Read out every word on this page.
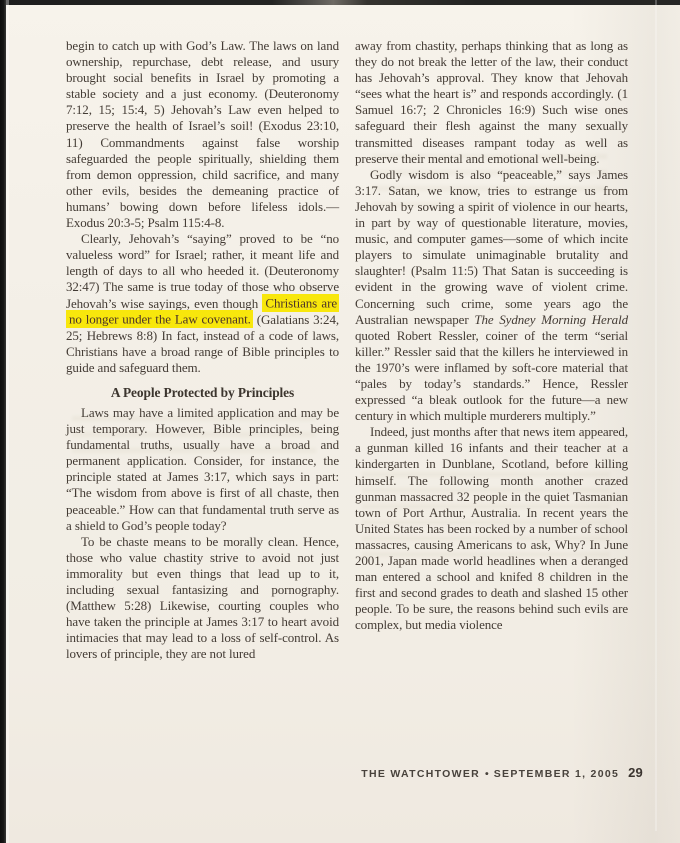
begin to catch up with God’s Law. The laws on land ownership, repurchase, debt release, and usury brought social benefits in Israel by promoting a stable society and a just economy. (Deuteronomy 7:12, 15; 15:4, 5) Jehovah’s Law even helped to preserve the health of Israel’s soil! (Exodus 23:10, 11) Commandments against false worship safeguarded the people spiritually, shielding them from demon oppression, child sacrifice, and many other evils, besides the demeaning practice of humans’ bowing down before lifeless idols.—Exodus 20:3-5; Psalm 115:4-8.

Clearly, Jehovah’s “saying” proved to be “no valueless word” for Israel; rather, it meant life and length of days to all who heeded it. (Deuteronomy 32:47) The same is true today of those who observe Jehovah’s wise sayings, even though Christians are no longer under the Law covenant. (Galatians 3:24, 25; Hebrews 8:8) In fact, instead of a code of laws, Christians have a broad range of Bible principles to guide and safeguard them.

A People Protected by Principles

Laws may have a limited application and may be just temporary. However, Bible principles, being fundamental truths, usually have a broad and permanent application. Consider, for instance, the principle stated at James 3:17, which says in part: “The wisdom from above is first of all chaste, then peaceable.” How can that fundamental truth serve as a shield to God’s people today?

To be chaste means to be morally clean. Hence, those who value chastity strive to avoid not just immorality but even things that lead up to it, including sexual fantasizing and pornography. (Matthew 5:28) Likewise, courting couples who have taken the principle at James 3:17 to heart avoid intimacies that may lead to a loss of self-control. As lovers of principle, they are not lured

away from chastity, perhaps thinking that as long as they do not break the letter of the law, their conduct has Jehovah’s approval. They know that Jehovah “sees what the heart is” and responds accordingly. (1 Samuel 16:7; 2 Chronicles 16:9) Such wise ones safeguard their flesh against the many sexually transmitted diseases rampant today as well as preserve their mental and emotional well-being.

Godly wisdom is also “peaceable,” says James 3:17. Satan, we know, tries to estrange us from Jehovah by sowing a spirit of violence in our hearts, in part by way of questionable literature, movies, music, and computer games—some of which incite players to simulate unimaginable brutality and slaughter! (Psalm 11:5) That Satan is succeeding is evident in the growing wave of violent crime. Concerning such crime, some years ago the Australian newspaper The Sydney Morning Herald quoted Robert Ressler, coiner of the term “serial killer.” Ressler said that the killers he interviewed in the 1970’s were inflamed by soft-core material that “pales by today’s standards.” Hence, Ressler expressed “a bleak outlook for the future—a new century in which multiple murderers multiply.”

Indeed, just months after that news item appeared, a gunman killed 16 infants and their teacher at a kindergarten in Dunblane, Scotland, before killing himself. The following month another crazed gunman massacred 32 people in the quiet Tasmanian town of Port Arthur, Australia. In recent years the United States has been rocked by a number of school massacres, causing Americans to ask, Why? In June 2001, Japan made world headlines when a deranged man entered a school and knifed 8 children in the first and second grades to death and slashed 15 other people. To be sure, the reasons behind such evils are complex, but media violence

THE WATCHTOWER • SEPTEMBER 1, 2005 29
